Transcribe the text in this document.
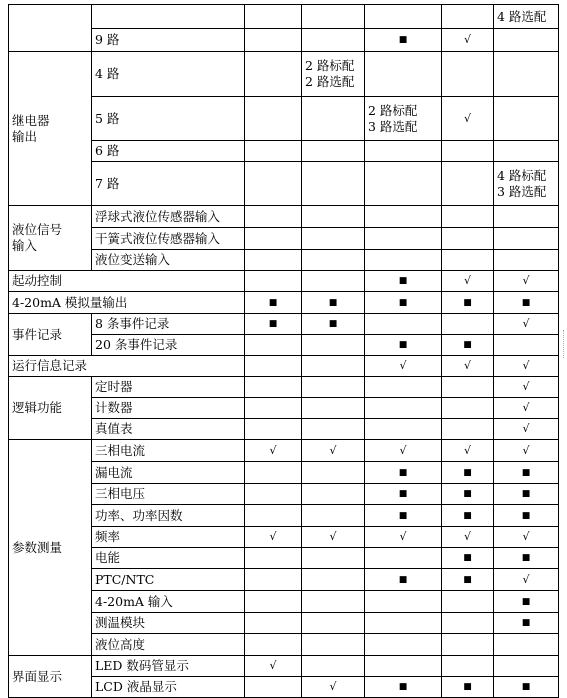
						4 路选配

	9 路			■	√	

继电器
输出	4 路		2 路标配
2 路选配			

	5 路			2 路标配
3 路选配	√	
	6 路					
	7 路					4 路标配
3 路选配

液位信号
输入	浮球式液位传感器输入					
	干簧式液位传感器输入					
	液位变送输入					
起动控制				■	√	√
4-20mA 模拟量输出		■	■	■	■	■
事件记录	8 条事件记录	■	■			√
	20 条事件记录			■	■	
运行信息记录				√	√	√
逻辑功能	定时器					√
	计数器					√
	真值表					√
参数测量	三相电流	√	√	√	√	√
	漏电流			■	■	■
	三相电压			■	■	■
	功率、功率因数			■	■	■
	频率	√	√	√	√	√
	电能				■	■
	PTC/NTC			■	■	√
	4-20mA 输入					■
	测温模块					■
	液位高度					
界面显示	LED 数码管显示	√				
	LCD 液晶显示		√	■	■	■
